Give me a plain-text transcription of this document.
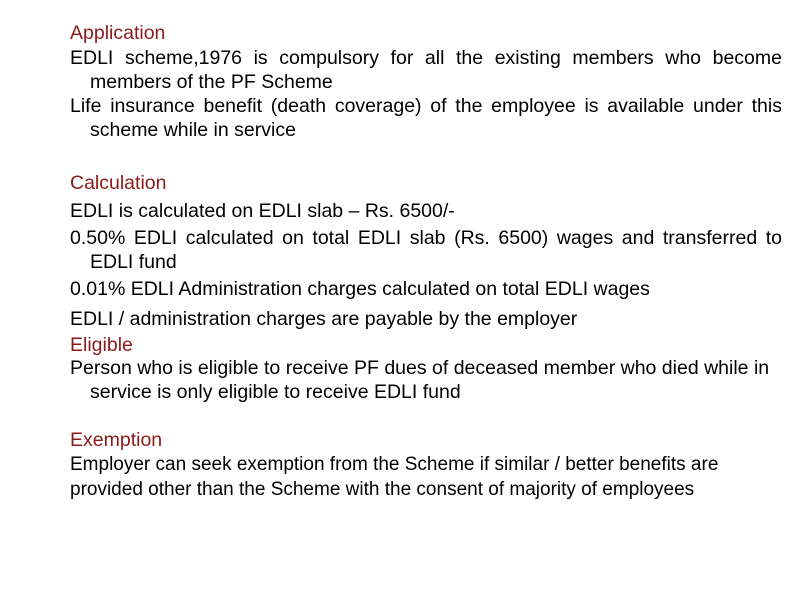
Application
EDLI scheme,1976 is compulsory for all the existing members who become members of the PF Scheme
Life insurance benefit (death coverage) of the employee is available under this scheme while in service
Calculation
EDLI is calculated on EDLI slab – Rs. 6500/-
0.50% EDLI calculated on total EDLI slab (Rs. 6500) wages and transferred to EDLI fund
0.01% EDLI Administration charges calculated on total EDLI wages
EDLI / administration charges are payable by the employer
Eligible
Person who is eligible to receive PF dues of deceased member who died while in service is only eligible to receive EDLI fund
Exemption
Employer can seek exemption from the Scheme if similar / better benefits are provided other than the Scheme with the consent of majority of employees
